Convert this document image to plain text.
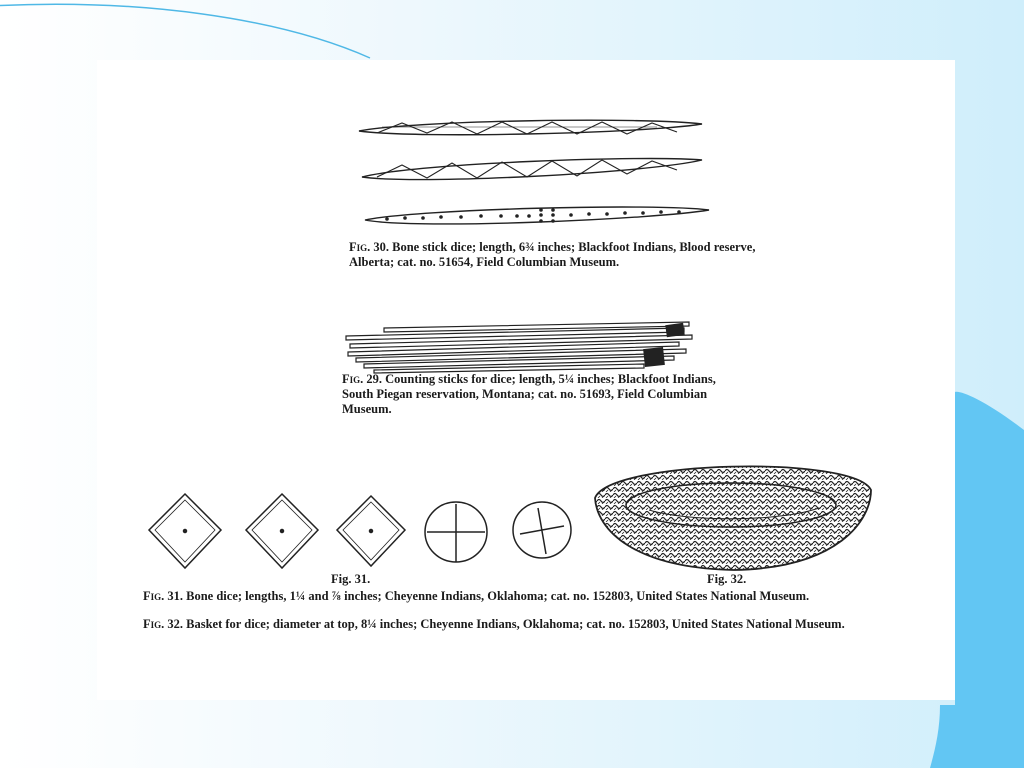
Fig. 30. Bone stick dice; length, 6¾ inches; Blackfoot Indians, Blood reserve, Alberta; cat. no. 51654, Field Columbian Museum.

Fig. 29. Counting sticks for dice; length, 5¼ inches; Blackfoot Indians, South Piegan reservation, Montana; cat. no. 51693, Field Columbian Museum.

Fig. 31.	Fig. 32.

Fig. 31. Bone dice; lengths, 1¼ and ⅞ inches; Cheyenne Indians, Oklahoma; cat. no. 152803, United States National Museum.

Fig. 32. Basket for dice; diameter at top, 8¼ inches; Cheyenne Indians, Oklahoma; cat. no. 152803, United States National Museum.
